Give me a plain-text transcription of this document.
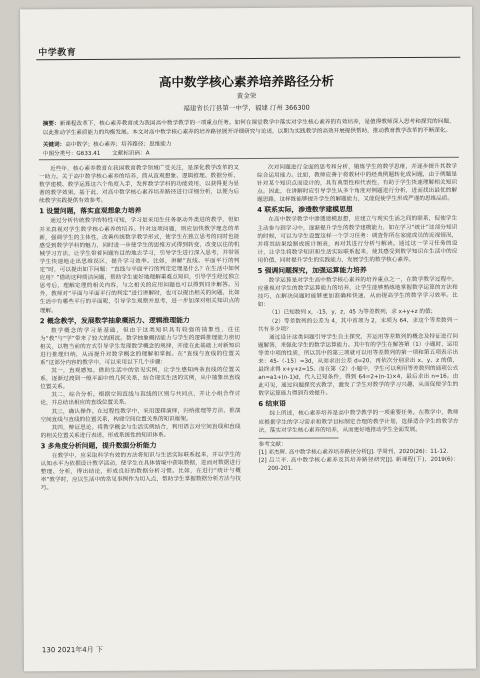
中学教育
高中数学核心素养培养路径分析
黄金荣
福建省长汀县第一中学，福建 汀州 366300
摘要：新课程改革下，核心素养教育成为我国高中数学教学的一项重点任务。如何在课堂教学中落实对学生核心素养的有效培养，是值得教师深入思考和探究的问题，以此推动学生素质能力的均衡发展。本文对高中数学核心素养的培养路径展开详细研究与论述，以期为实践教学的高效开展提供帮助，推动教育教学改革的不断深化。
关键词：高中数学；核心素养；培养路径；思维能力
中图分类号：G633.41 文献标识码：A

近些年，核心素养教育在我国教育教学领域广受关注，是深化教学改革的又一助力。关于高中数学核心素养的培养，简从直观想象、逻辑推理、数据分析、数学建模、数学运算这六个角度入手，发挥数学学科的功能效用，以获得更为显著的教学效果。基于此，对高中数学核心素养培养路径进行详细分析，以便为后续教学实践提供有效参考。

1 设置问题，落实直观想象力培养

通过分析传统教学的特性可知，学习是采用生任务驱动外类进的教学，但如并未真视对学生数学核心素养的培养。针对这项问题，则应加快教学理念的革新，强调学生的主体性，改善传统数学教学形式，使学生在独立思考的同时也能感受到数学学科的魅力，同时进一步使学生的思维方式得到转变，改变以往的机械学习方法，让学生带着问题有目的地去学习，引导学生进行深入思考，并带领学生快速地走出思维误区，提升学习效率。比如，讲解“直线、平面平行的判定”时，可以提出如下问题：“直线与平面平行的判定定理是什么？在生活中如何应用？”借助这种简洁问题，帮助学生更好地理解重难点知识，引导学生经过独立思考后，理解定理的相关内容，与之相关的应用问题也可以得到同步解答。另外，教师对“平面与平面平行的判定”进行讲解时，也可以提出相关的问题，比如生活中有哪些平行的平面呢，引导学生观察并思考，进一步加深对相关知识点的理解。

2 概念教学，发展数学抽象概括力、逻辑推理能力

数学概念的学习是基础，但由于这类知识具有较强的抽象性，往往为“教”与“学”带来了较大的困扰。数学抽象概括能力与学生的逻辑推理能力密切相关，以物当前的方式引导学生发现数学概念的规律，并能在此基础上对新知识进行推理归纳，从而提升对数学概念的理解和掌握。在“直线与直线的位置关系”这部分内容的教学中，可以采用以下几个步骤：

其一，直观感知。借助生活中的常见实例，让学生感知两条直线的位置关系，逐渐过渡到一般平面中的几何关系，结合现实生活的实例，从中抽象出直线位置关系。

其二，综合分析。根据空间直线与直线的区别与共同点，并让小组合作讨论，并总结出相应的直线位置关系。

其三，确认操作。在过程性教学中，采用逻辑演绎，归纳推理等方法，推演空间直线与直线的位置关系，构建空间位置关系的知识框架。

其四，辩证思论。将教学概念与生活实例结合，利用语言对空间直线和直线的相关位置关系进行表述，形成系统性的知识体系。

3 多角度分析问题，提升数据分析能力

在教学中，应采取科学有效的方法将知识与生活实际联系起来，并以学生的认知水平为依据设计教学活动，使学生在具体情境中获取数据，进而对数据进行整理、分析，得出结论，形成良好的数据分析习惯。比如，在进行“统计与概率”教学时，应以生活中的常见事例作为切入点，帮助学生掌握数据分析方法与技巧。

次对问题进行全面的思考和分析，锻炼学生的数学思维，并逐步提升其数学综合运用能力。比如，教师应善于将教材中的经典例题转化成问题，由于例题是针对某个知识点而设计的，具有典型性和代表性，有助于学生快速理解相关知识点。因此，在讲解时应引导学生从多个角度对例题进行分析，进而找出最优的解题思路，这样既能够提升学生的解题能力，又能促使学生形成严谨的思维品质。

4 联系实际，渗透数学建模思想

在高中数学教学中渗透建模思想，应建立与现实生活之间的联系，促使学生主动参与到学习中，逐渐提升学生的数学建模能力，如在学习“统计”这部分知识的时候，可以为学生设置这样一个学习任务：调查你所在家庭成员的近视情况，并将其结果绘制成统计图表，再对其进行分析与解读。通过这一学习任务的设计，让学生将数学知识和生活实际联系起来，使其感受到数学知识在生活中的应用价值，同时提升学生的实践能力，发展学生的数学核心素养。

5 强调问题探究，加强运算能力培养

数学运算是对学生高中数学核心素养的培养重点之一，在数学教学过程中，应重视对学生的数学运算能力的培养，让学生能够熟练地掌握数学运算的方法和技巧，在解决问题时能够更加准确和快速，从而提高学生的数学学习效率。比如：

（1）已知数列 x，-15，y，z，45 为等差数列，求 x+y+z 的值；

（2）等差数列的公差为 4，其中首项为 2，末项为 64，求这个等差数列一共有多少项？

通过设计这类问题引导学生自主探究，并运用等差数列的概念及特征进行问题解答，来强化学生的数学运算能力。其中有的学生在解答第（1）小题时，运用等差中项的性质，所以其中的第三项就可以用等差数列的第一项和第五项表示出来：45-（-15）=3d，从而求出公差 d=20，再依次分别求出 x、y、z 的值，最终求得 x+y+z=15。而在第（2）小题中，学生可以利用等差数列的通项公式 an=a1+(n-1)d，代入已知条件，得到 64=2+(n-1)×4，最后求出 n=16。由此可见，通过问题探究式教学，激发了学生对数学的学习兴趣，从而促使学生的数学运算能力得到有效提升。

6 结束语

综上所述，核心素养培养是高中数学教学的一项重要任务。在教学中，教师应根据学生的学习需求和教学目标制定合理的教学计划，选择适合学生的教学方法，落实对学生核心素养的培养，从而更好地推动学生全面发展。

参考文献：

[1] 邓杰辉. 高中数学核心素养培养路径分析[J]. 学周刊，2020(26)：11-12.

[2] 吕兰平. 高中数学核心素养及其培养路径研究[J]. 新课程(下)，2019(6)：200-201.

130 2021年4月 下
